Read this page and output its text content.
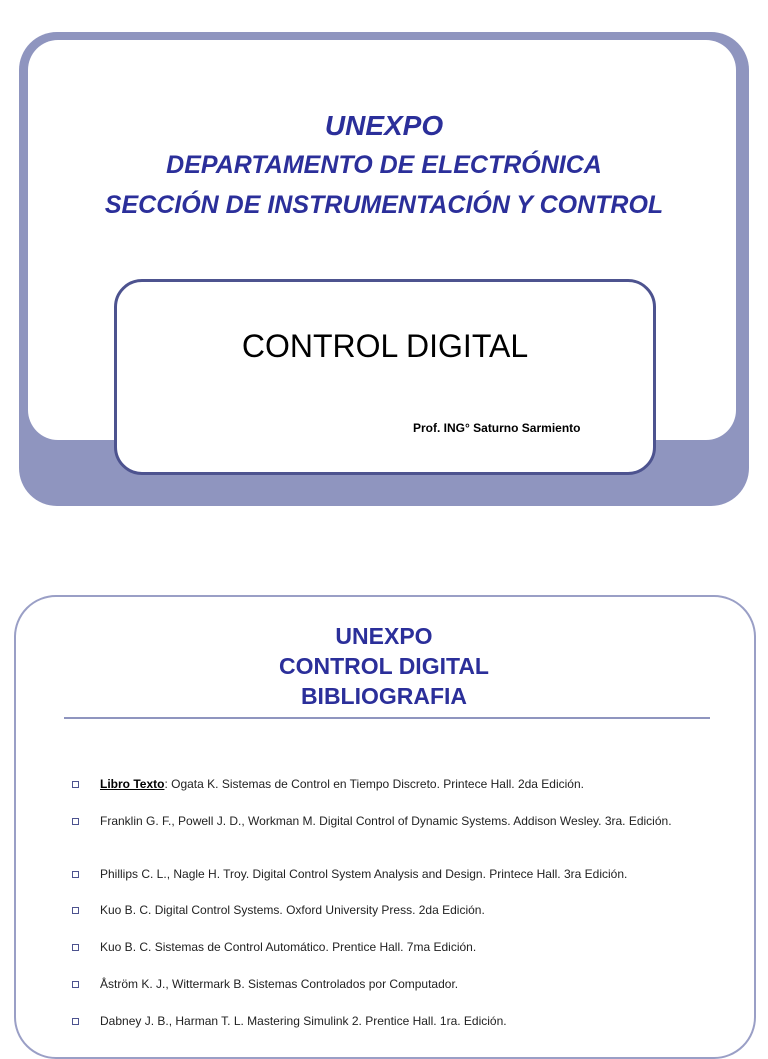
UNEXPO
DEPARTAMENTO DE ELECTRÓNICA
SECCIÓN DE INSTRUMENTACIÓN Y CONTROL
CONTROL DIGITAL
Prof. ING° Saturno Sarmiento
UNEXPO
CONTROL DIGITAL
BIBLIOGRAFIA
Libro Texto: Ogata K. Sistemas de Control en Tiempo Discreto. Printece Hall. 2da Edición.
Franklin G. F., Powell J. D., Workman M. Digital Control of Dynamic Systems. Addison Wesley. 3ra. Edición.
Phillips C. L., Nagle H. Troy. Digital Control System Analysis and Design. Printece Hall. 3ra Edición.
Kuo B. C. Digital Control Systems. Oxford University Press. 2da Edición.
Kuo B. C. Sistemas de Control Automático. Prentice Hall. 7ma Edición.
Åström K. J., Wittermark B. Sistemas Controlados por Computador.
Dabney J. B., Harman T. L. Mastering Simulink 2. Prentice Hall. 1ra. Edición.
